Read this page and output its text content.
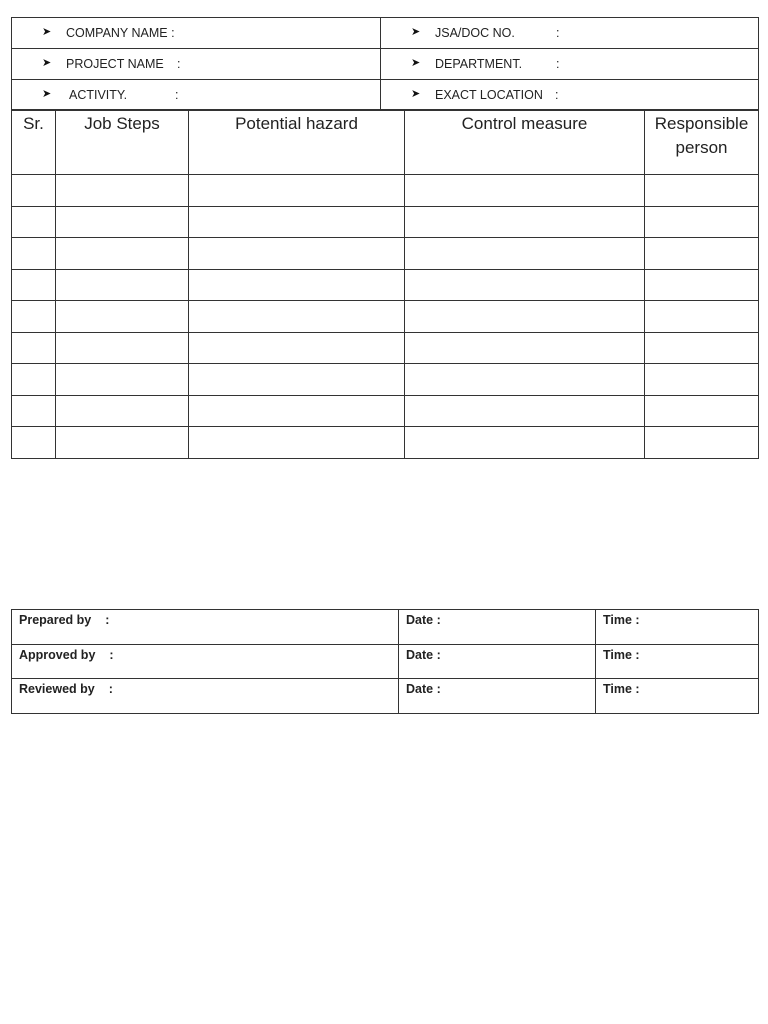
➤ COMPANY NAME :	➤ JSA/DOC NO. :

➤ PROJECT NAME :	➤ DEPARTMENT. :

➤ ACTIVITY. :	➤ EXACT LOCATION :
Sr.	Job Steps	Potential hazard	Control measure	Responsible person

Prepared by :	Date :	Time :
Approved by :	Date :	Time :
Reviewed by :	Date :	Time :
